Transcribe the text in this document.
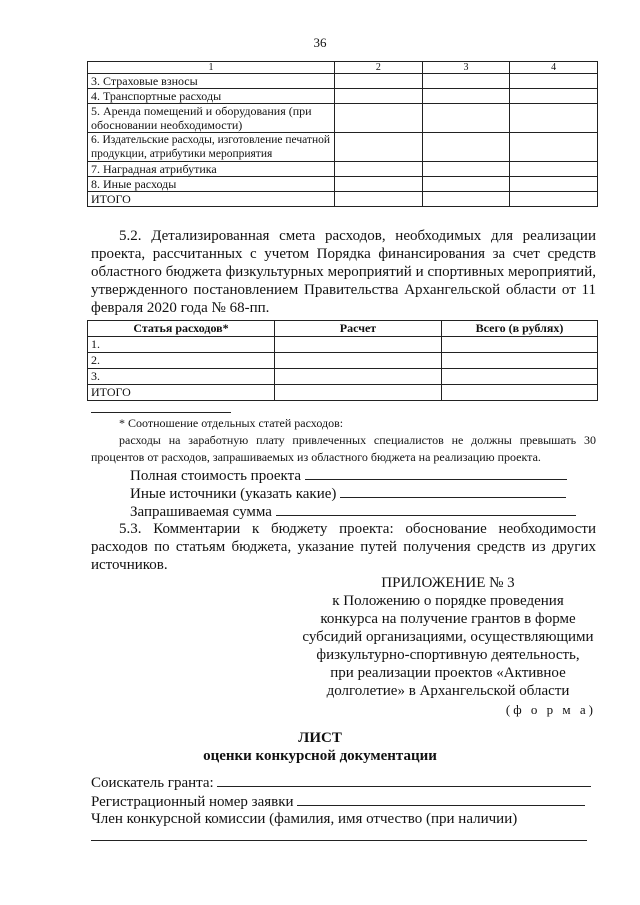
36
1	2	3	4
3. Страховые взносы			
4. Транспортные расходы			
5. Аренда помещений и оборудования (при обосновании необходимости)			
6. Издательские расходы, изготовление печатной продукции, атрибутики мероприятия			
7. Наградная атрибутика			
8. Иные расходы			
ИТОГО			
5.2. Детализированная смета расходов, необходимых для реализации проекта, рассчитанных с учетом Порядка финансирования за счет средств областного бюджета физкультурных мероприятий и спортивных мероприятий, утвержденного постановлением Правительства Архангельской области от 11 февраля 2020 года № 68-пп.
Статья расходов*	Расчет	Всего (в рублях)
1.		
2.		
3.		
ИТОГО		
* Соотношение отдельных статей расходов:
расходы на заработную плату привлеченных специалистов не должны превышать 30 процентов от расходов, запрашиваемых из областного бюджета на реализацию проекта.
Полная стоимость проекта
Иные источники (указать какие)
Запрашиваемая сумма
5.3. Комментарии к бюджету проекта: обоснование необходимости расходов по статьям бюджета, указание путей получения средств из других источников.
ПРИЛОЖЕНИЕ № 3
к Положению о порядке проведения
конкурса на получение грантов в форме
субсидий организациями, осуществляющими
физкультурно-спортивную деятельность,
при реализации проектов «Активное
долголетие» в Архангельской области
(ф о р м а)
ЛИСТ
оценки конкурсной документации
Соискатель гранта:
Регистрационный номер заявки
Член конкурсной комиссии (фамилия, имя отчество (при наличии)
